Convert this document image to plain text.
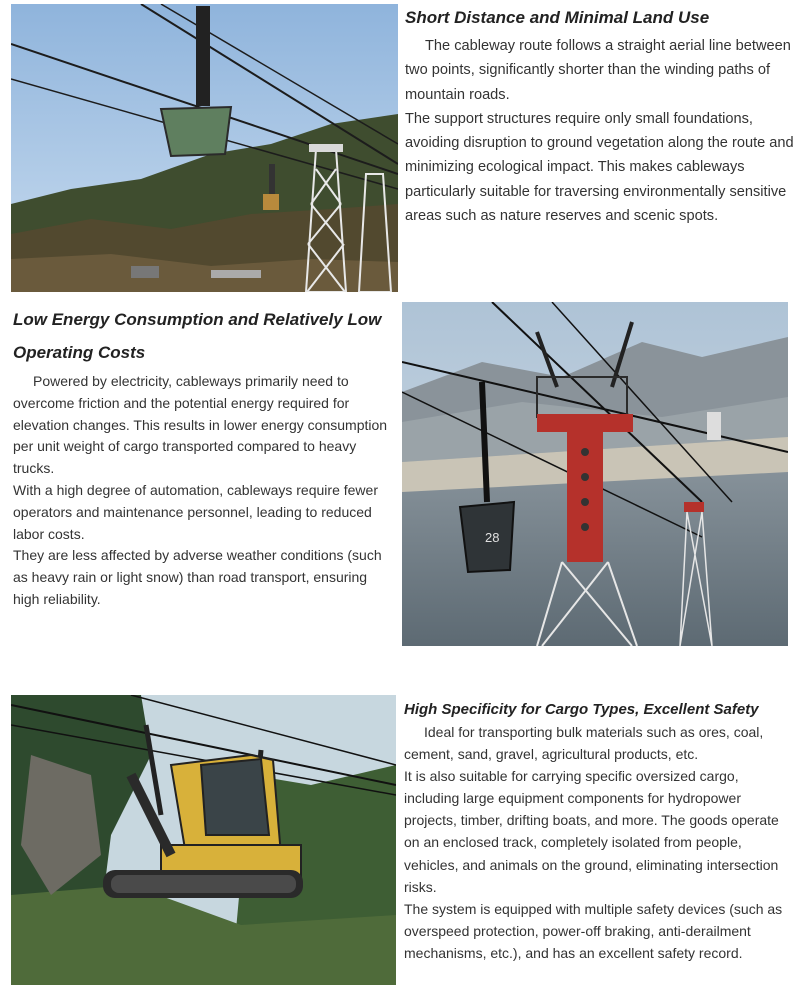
Short Distance and Minimal Land Use

The cableway route follows a straight aerial line between two points, significantly shorter than the winding paths of mountain roads.

The support structures require only small foundations, avoiding disruption to ground vegetation along the route and minimizing ecological impact. This makes cableways particularly suitable for traversing environmentally sensitive areas such as nature reserves and scenic spots.

Low Energy Consumption and Relatively Low Operating Costs

Powered by electricity, cableways primarily need to overcome friction and the potential energy required for elevation changes. This results in lower energy consumption per unit weight of cargo transported compared to heavy trucks.

With a high degree of automation, cableways require fewer operators and maintenance personnel, leading to reduced labor costs.

They are less affected by adverse weather conditions (such as heavy rain or light snow) than road transport, ensuring high reliability.

28
High Specificity for Cargo Types, Excellent Safety

Ideal for transporting bulk materials such as ores, coal, cement, sand, gravel, agricultural products, etc.

It is also suitable for carrying specific oversized cargo, including large equipment components for hydropower projects, timber, drifting boats, and more. The goods operate on an enclosed track, completely isolated from people, vehicles, and animals on the ground, eliminating intersection risks.

The system is equipped with multiple safety devices (such as overspeed protection, power-off braking, anti-derailment mechanisms, etc.), and has an excellent safety record.
